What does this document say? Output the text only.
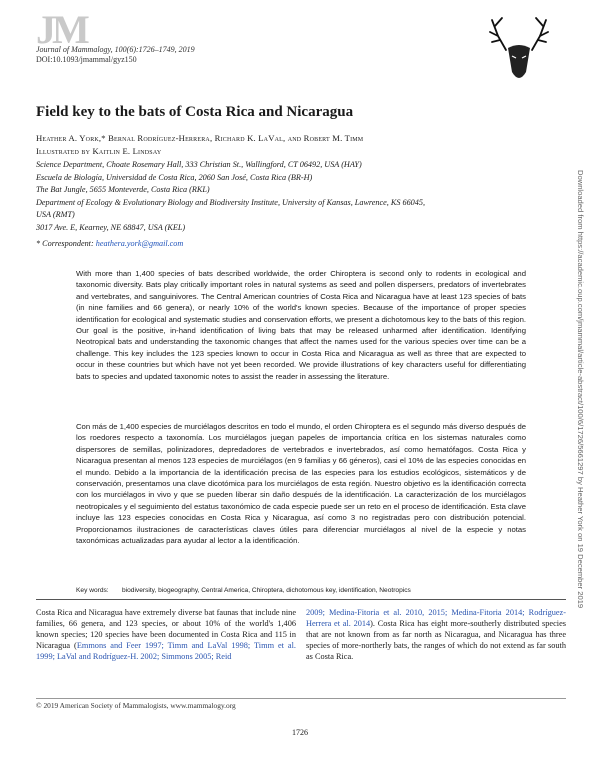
JM
Journal of Mammalogy, 100(6):1726–1749, 2019
DOI:10.1093/jmammal/gyz150
Field key to the bats of Costa Rica and Nicaragua
Heather A. York,* Bernal Rodríguez-Herrera, Richard K. LaVal, and Robert M. Timm
Illustrated by Kaitlin E. Lindsay
Science Department, Choate Rosemary Hall, 333 Christian St., Wallingford, CT 06492, USA (HAY)
Escuela de Biología, Universidad de Costa Rica, 2060 San José, Costa Rica (BR-H)
The Bat Jungle, 5655 Monteverde, Costa Rica (RKL)
Department of Ecology & Evolutionary Biology and Biodiversity Institute, University of Kansas, Lawrence, KS 66045,
USA (RMT)
3017 Ave. E, Kearney, NE 68847, USA (KEL)
* Correspondent: heathera.york@gmail.com

With more than 1,400 species of bats described worldwide, the order Chiroptera is second only to rodents in ecological and taxonomic diversity. Bats play critically important roles in natural systems as seed and pollen dispersers, predators of invertebrates and vertebrates, and sanguinivores. The Central American countries of Costa Rica and Nicaragua have at least 123 species of bats (in nine families and 66 genera), or nearly 10% of the world's known species. Because of the importance of proper species identification for ecological and systematic studies and conservation efforts, we present a dichotomous key to the bats of this region. Our goal is the positive, in-hand identification of living bats that may be released unharmed after identification. Identifying Neotropical bats and understanding the taxonomic changes that affect the names used for the various species over time can be a challenge. This key includes the 123 species known to occur in Costa Rica and Nicaragua as well as three that are expected to occur in these countries but which have not yet been recorded. We provide illustrations of key characters useful for differentiating bats to species and updated taxonomic notes to assist the reader in assessing the literature.

Con más de 1,400 especies de murciélagos descritos en todo el mundo, el orden Chiroptera es el segundo más diverso después de los roedores respecto a taxonomía. Los murciélagos juegan papeles de importancia crítica en los sistemas naturales como dispersores de semillas, polinizadores, depredadores de vertebrados e invertebrados, así como hematófagos. Costa Rica y Nicaragua presentan al menos 123 especies de murciélagos (en 9 familias y 66 géneros), casi el 10% de las especies conocidas en el mundo. Debido a la importancia de la identificación precisa de las especies para los estudios ecológicos, sistemáticos y de conservación, presentamos una clave dicotómica para los murciélagos de esta región. Nuestro objetivo es la identificación correcta con los murciélagos in vivo y que se pueden liberar sin daño después de la identificación. La caracterización de los murciélagos neotropicales y el seguimiento del estatus taxonómico de cada especie puede ser un reto en el proceso de identificación. Esta clave incluye las 123 especies conocidas en Costa Rica y Nicaragua, así como 3 no registradas pero con distribución potencial. Proporcionamos ilustraciones de características claves útiles para diferenciar murciélagos al nivel de la especie y notas taxonómicas actualizadas para ayudar al lector a la identificación.

Key words: biodiversity, biogeography, Central America, Chiroptera, dichotomous key, identification, Neotropics

Costa Rica and Nicaragua have extremely diverse bat faunas that include nine families, 66 genera, and 123 species, or about 10% of the world's 1,406 known species; 120 species have been documented in Costa Rica and 115 in Nicaragua (Emmons and Feer 1997; Timm and LaVal 1998; Timm et al. 1999; LaVal and Rodríguez-H. 2002; Simmons 2005; Reid

2009; Medina-Fitoria et al. 2010, 2015; Medina-Fitoria 2014; Rodríguez-Herrera et al. 2014). Costa Rica has eight more-southerly distributed species that are not known from as far north as Nicaragua, and Nicaragua has three species of more-northerly bats, the ranges of which do not extend as far south as Costa Rica.

© 2019 American Society of Mammalogists, www.mammalogy.org
1726
Downloaded from https://academic.oup.com/jmammal/article-abstract/100/6/1726/5661297 by Heather York on 19 December 2019
